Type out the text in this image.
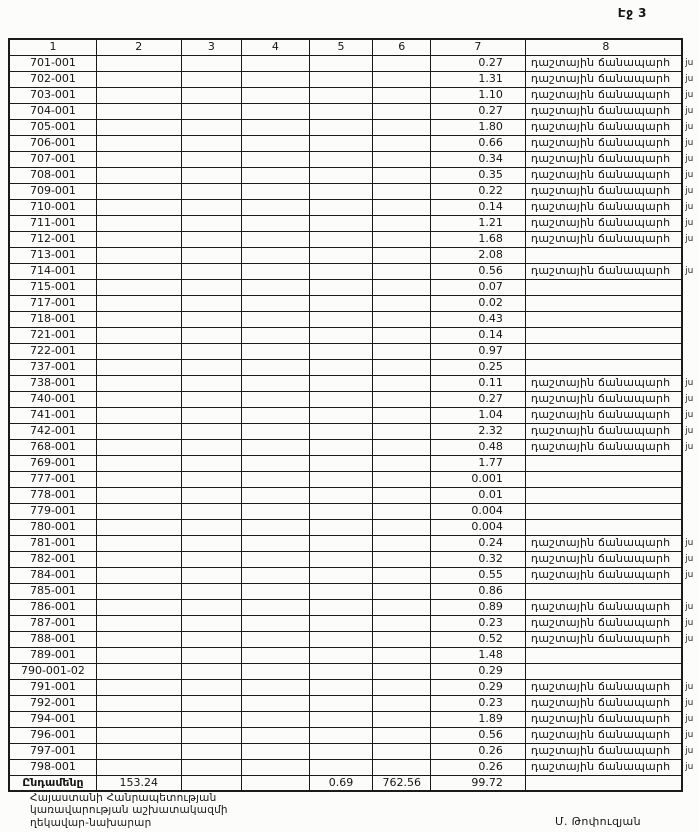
Էջ 3
1	2	3	4	5	6	7	8	
701-001						0.27	դաշտային ճանապարհ	ju
702-001						1.31	դաշտային ճանապարհ	ju
703-001						1.10	դաշտային ճանապարհ	ju
704-001						0.27	դաշտային ճանապարհ	ju
705-001						1.80	դաշտային ճանապարհ	ju
706-001						0.66	դաշտային ճանապարհ	ju
707-001						0.34	դաշտային ճանապարհ	ju
708-001						0.35	դաշտային ճանապարհ	ju
709-001						0.22	դաշտային ճանապարհ	ju
710-001						0.14	դաշտային ճանապարհ	ju
711-001						1.21	դաշտային ճանապարհ	ju
712-001						1.68	դաշտային ճանապարհ	ju
713-001						2.08		
714-001						0.56	դաշտային ճանապարհ	ju
715-001						0.07		
717-001						0.02		
718-001						0.43		
721-001						0.14		
722-001						0.97		
737-001						0.25		
738-001						0.11	դաշտային ճանապարհ	ju
740-001						0.27	դաշտային ճանապարհ	ju
741-001						1.04	դաշտային ճանապարհ	ju
742-001						2.32	դաշտային ճանապարհ	ju
768-001						0.48	դաշտային ճանապարհ	ju
769-001						1.77		
777-001						0.001		
778-001						0.01		
779-001						0.004		
780-001						0.004		
781-001						0.24	դաշտային ճանապարհ	ju
782-001						0.32	դաշտային ճանապարհ	ju
784-001						0.55	դաշտային ճանապարհ	ju
785-001						0.86		
786-001						0.89	դաշտային ճանապարհ	ju
787-001						0.23	դաշտային ճանապարհ	ju
788-001						0.52	դաշտային ճանապարհ	ju
789-001						1.48		
790-001-02						0.29		
791-001						0.29	դաշտային ճանապարհ	ju
792-001						0.23	դաշտային ճանապարհ	ju
794-001						1.89	դաշտային ճանապարհ	ju
796-001						0.56	դաշտային ճանապարհ	ju
797-001						0.26	դաշտային ճանապարհ	ju
798-001						0.26	դաշտային ճանապարհ	ju
Ընդամենը	153.24			0.69	762.56	99.72		
Հայաստանի Հանրապետության
կառավարության աշխատակազմի
ղեկավար-նախարար	Մ. Թոփուզյան
